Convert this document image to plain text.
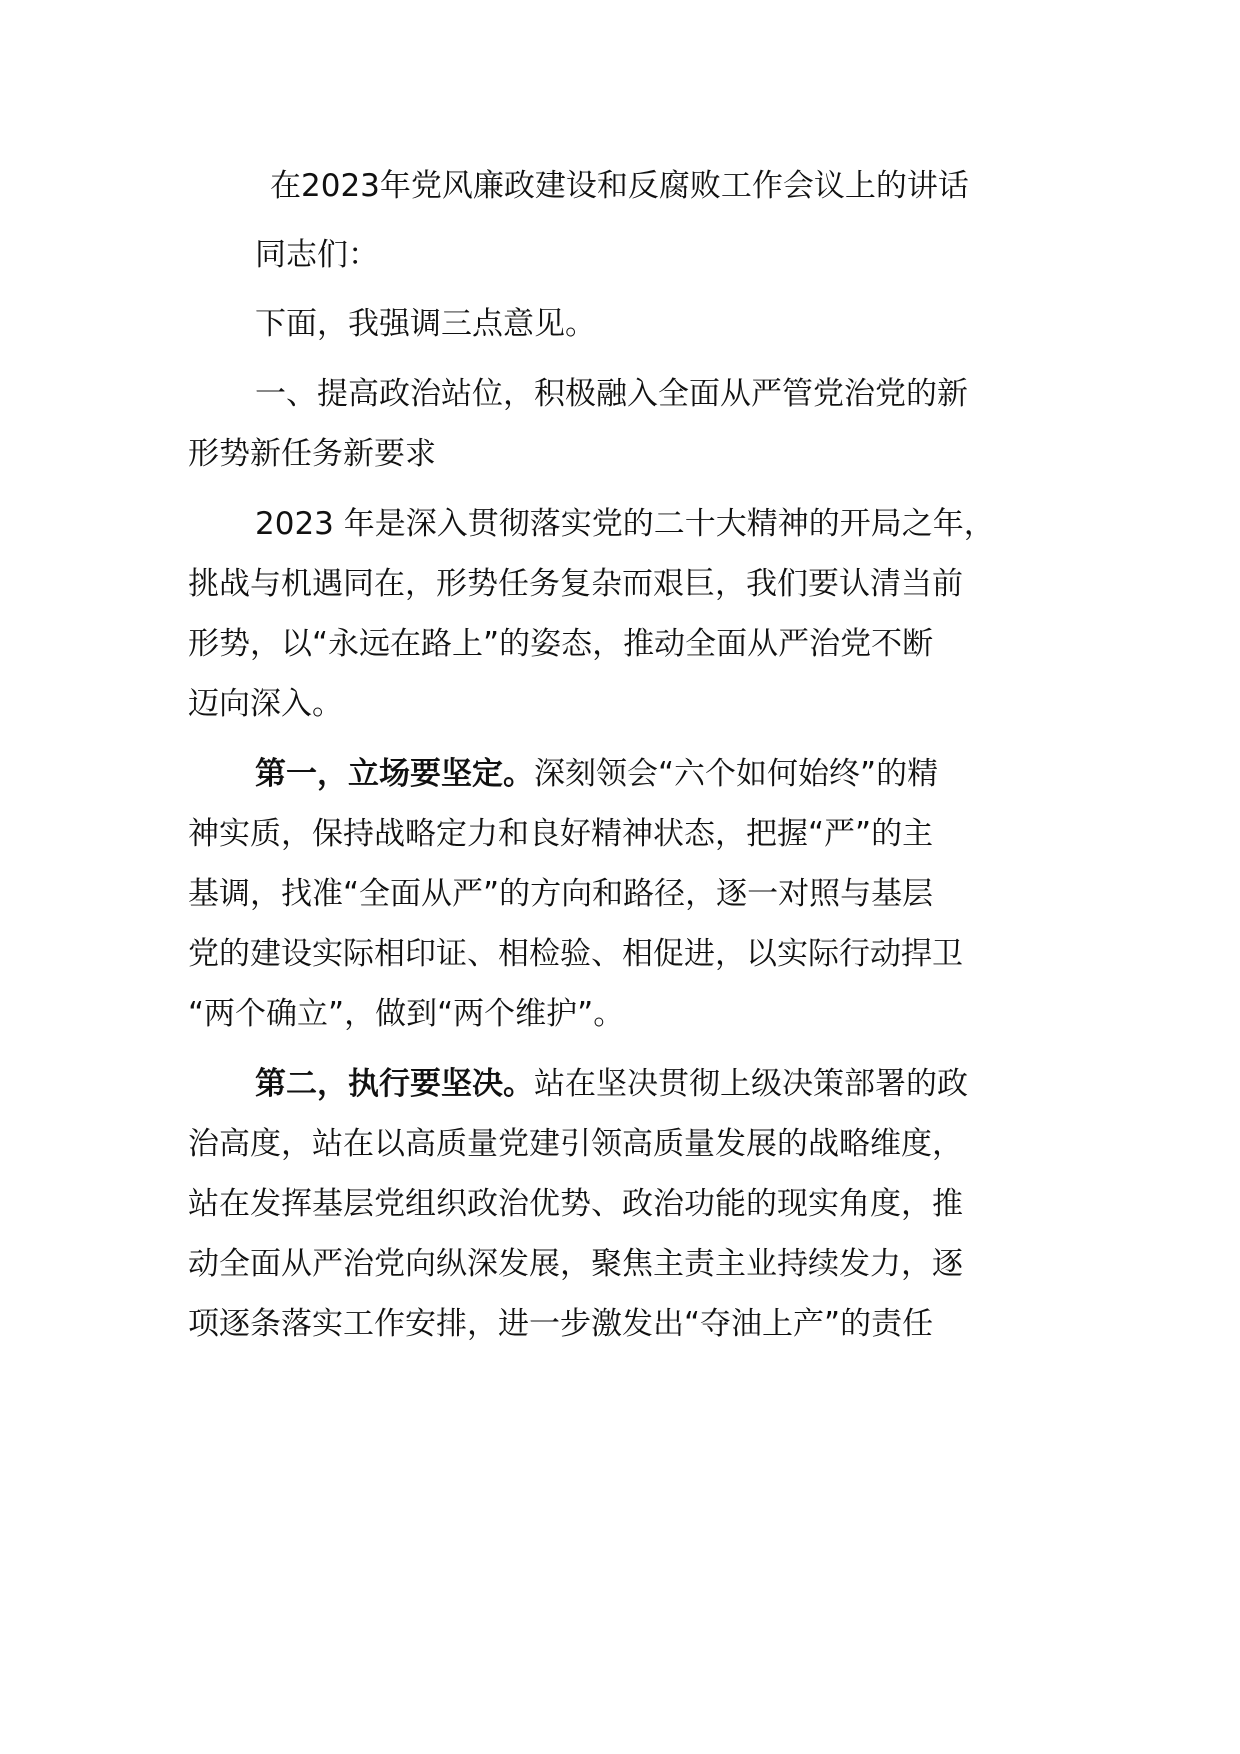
在2023年党风廉政建设和反腐败工作会议上的讲话
同志们：
下面，我强调三点意见。
一、提高政治站位，积极融入全面从严管党治党的新
形势新任务新要求
2023 年是深入贯彻落实党的二十大精神的开局之年，
挑战与机遇同在，形势任务复杂而艰巨，我们要认清当前
形势，以“永远在路上”的姿态，推动全面从严治党不断
迈向深入。
第一，立场要坚定。深刻领会“六个如何始终”的精
神实质，保持战略定力和良好精神状态，把握“严”的主
基调，找准“全面从严”的方向和路径，逐一对照与基层
党的建设实际相印证、相检验、相促进，以实际行动捍卫
“两个确立”，做到“两个维护”。
第二，执行要坚决。站在坚决贯彻上级决策部署的政
治高度，站在以高质量党建引领高质量发展的战略维度，
站在发挥基层党组织政治优势、政治功能的现实角度，推
动全面从严治党向纵深发展，聚焦主责主业持续发力，逐
项逐条落实工作安排，进一步激发出“夺油上产”的责任
